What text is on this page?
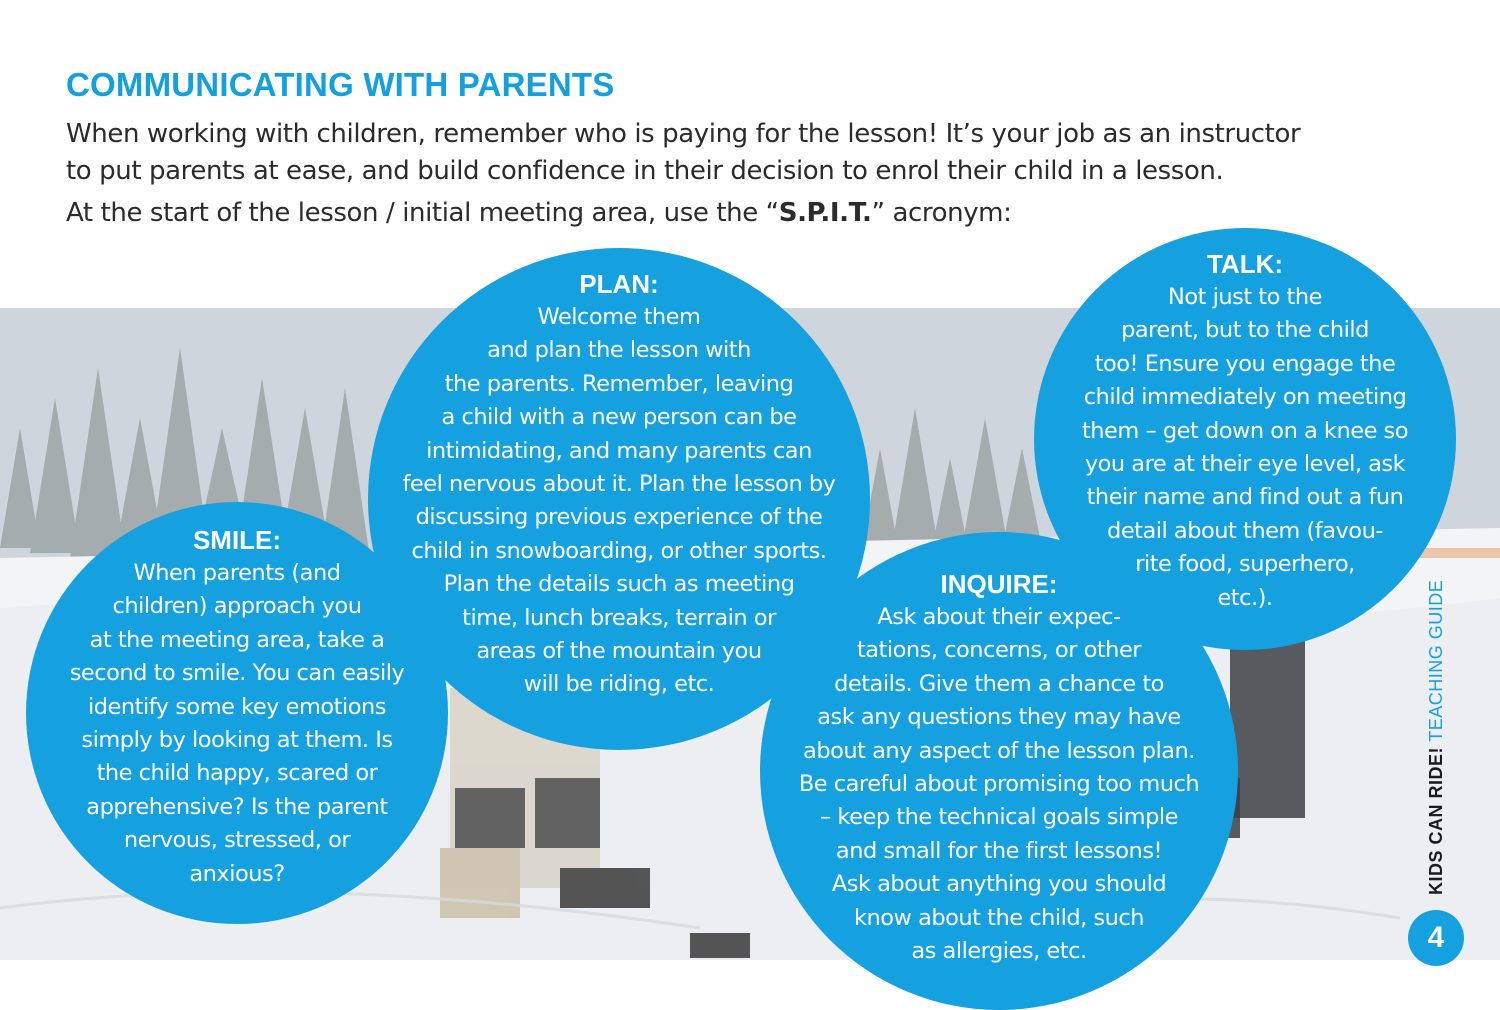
COMMUNICATING WITH PARENTS
When working with children, remember who is paying for the lesson! It’s your job as an instructor
to put parents at ease, and build confidence in their decision to enrol their child in a lesson.
At the start of the lesson / initial meeting area, use the “S.P.I.T.” acronym:
PLAN:
Welcome them
and plan the lesson with
the parents. Remember, leaving
a child with a new person can be
intimidating, and many parents can
feel nervous about it. Plan the lesson by
discussing previous experience of the
child in snowboarding, or other sports.
Plan the details such as meeting
time, lunch breaks, terrain or
areas of the mountain you
will be riding, etc.
SMILE:
When parents (and
children) approach you
at the meeting area, take a
second to smile. You can easily
identify some key emotions
simply by looking at them. Is
the child happy, scared or
apprehensive? Is the parent
nervous, stressed, or
anxious?
INQUIRE:
Ask about their expec-
tations, concerns, or other
details. Give them a chance to
ask any questions they may have
about any aspect of the lesson plan.
Be careful about promising too much
– keep the technical goals simple
and small for the first lessons!
Ask about anything you should
know about the child, such
as allergies, etc.
TALK:
Not just to the
parent, but to the child
too! Ensure you engage the
child immediately on meeting
them – get down on a knee so
you are at their eye level, ask
their name and find out a fun
detail about them (favou-
rite food, superhero,
etc.).
KIDS CAN RIDE! TEACHING GUIDE
4
